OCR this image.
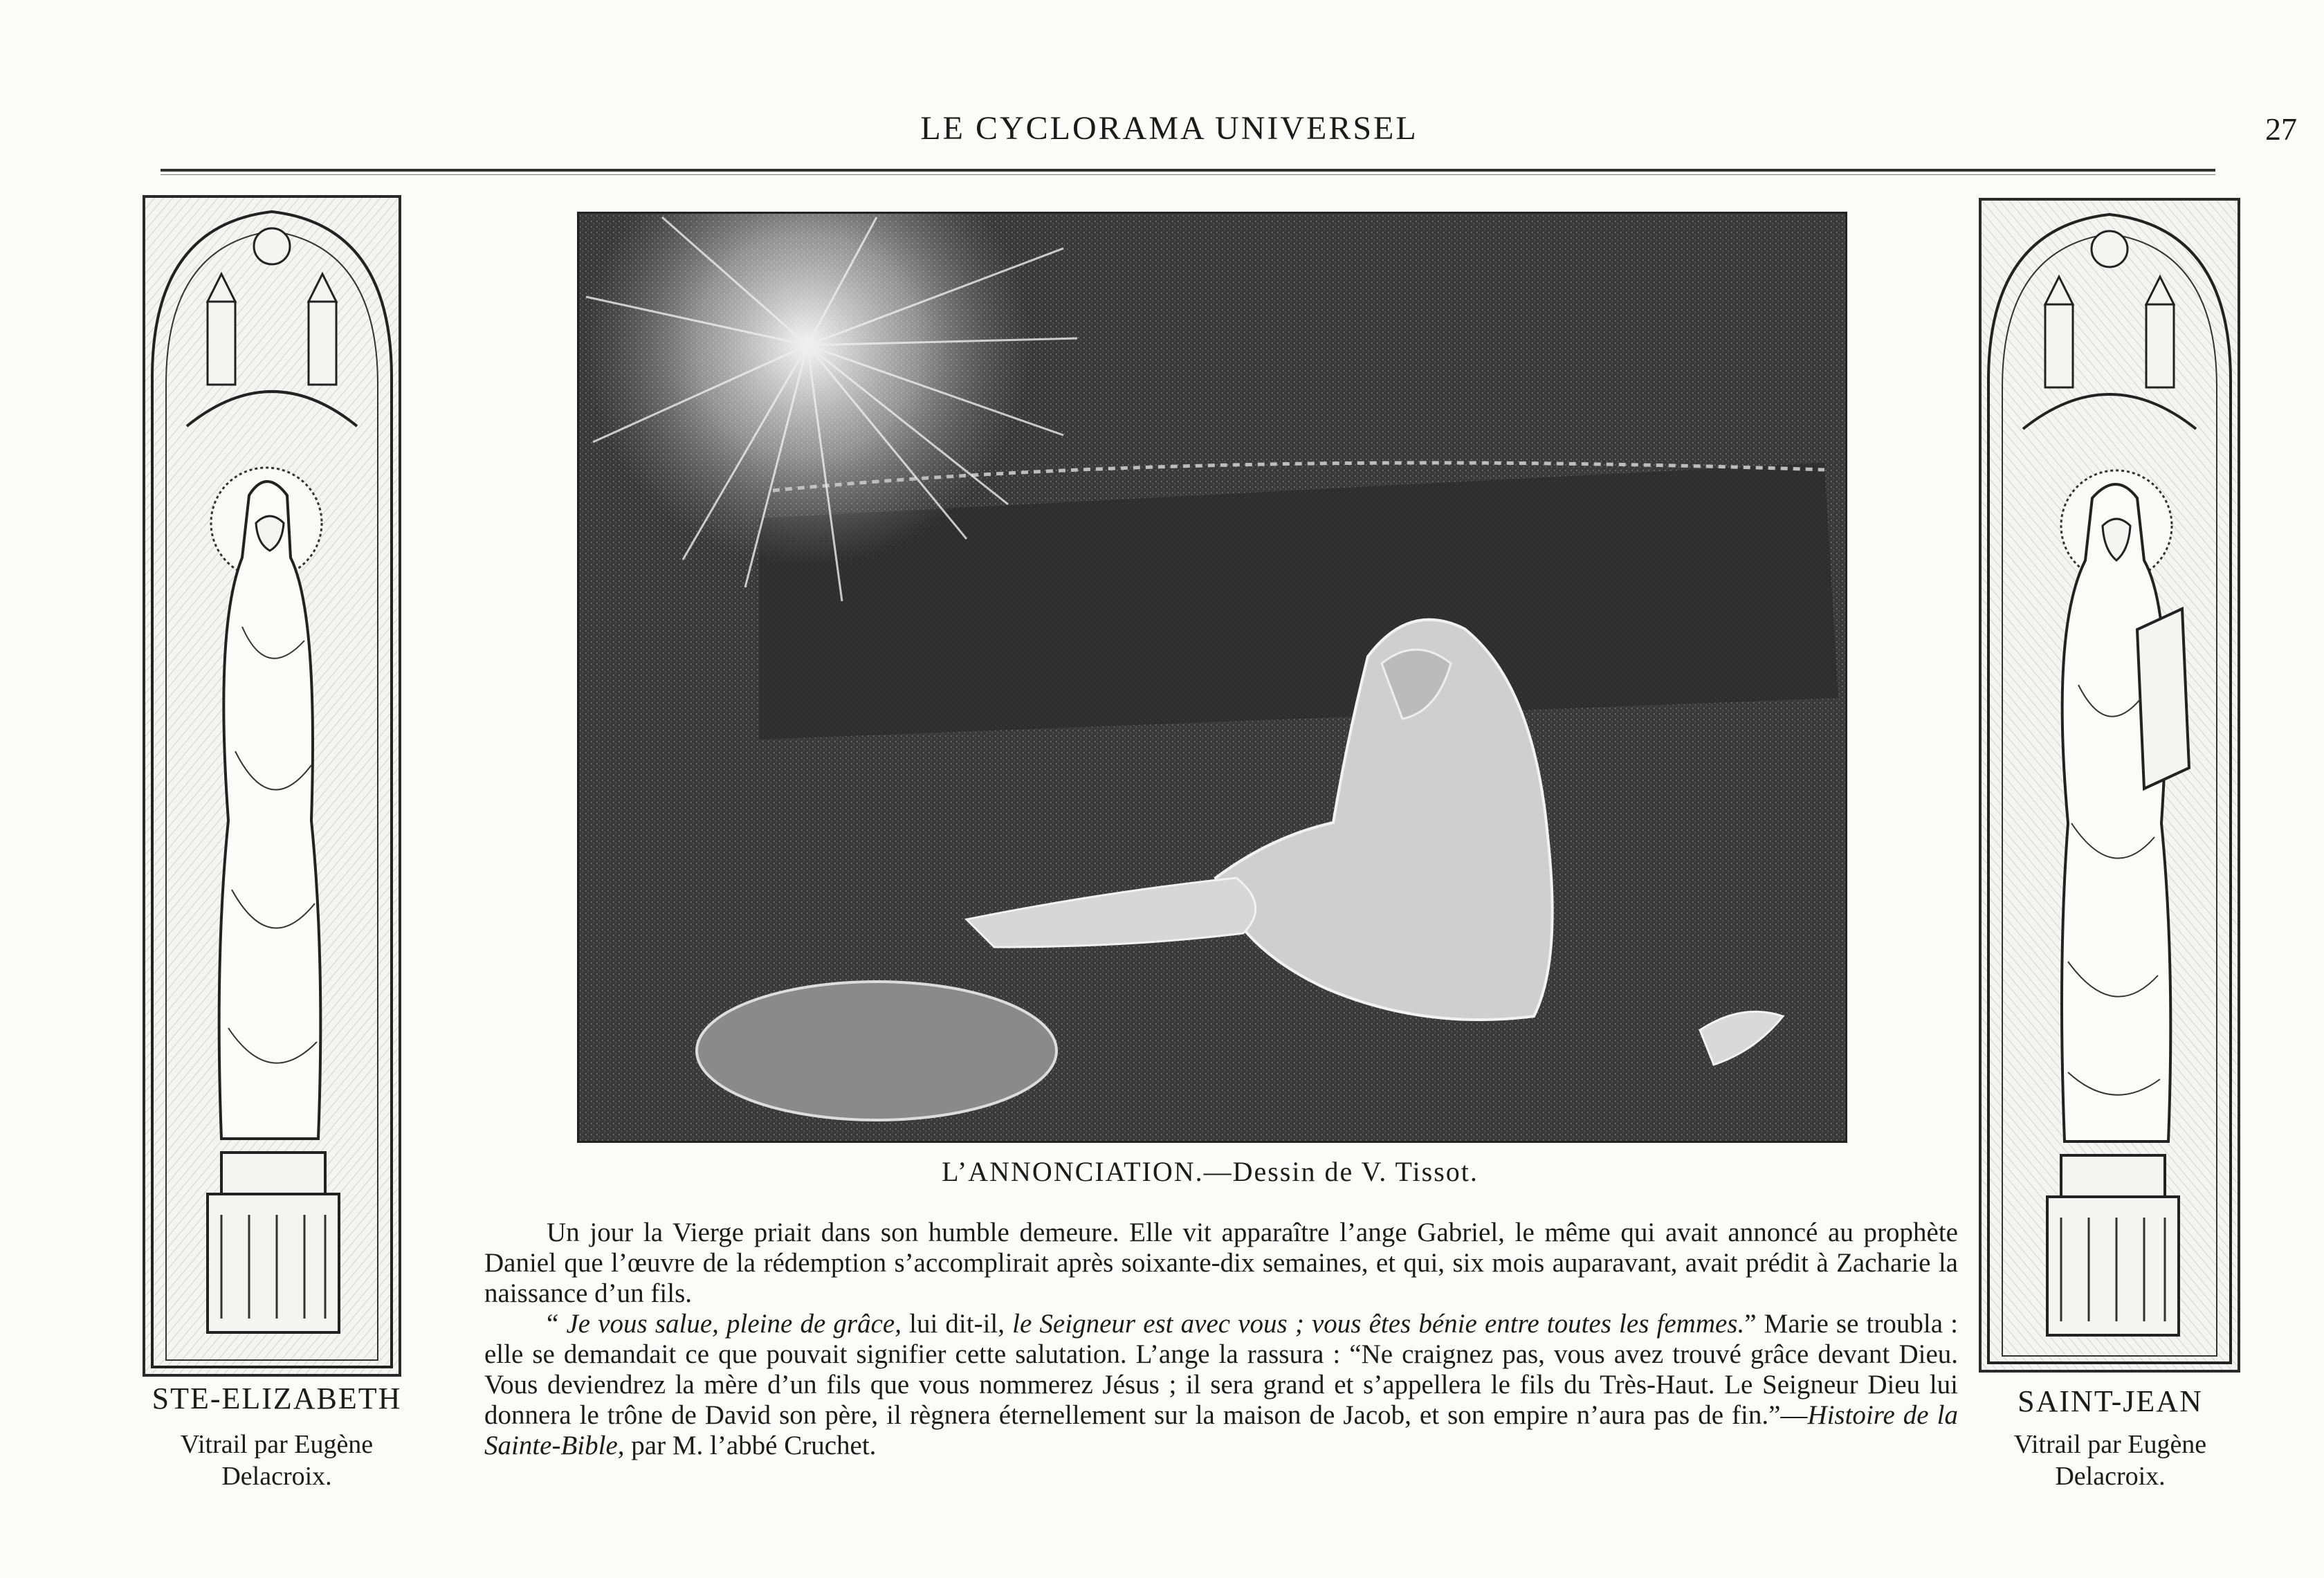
LE CYCLORAMA UNIVERSEL	27
L’ANNONCIATION.—Dessin de V. Tissot.
STE-ELIZABETH
Vitrail par Eugène
Delacroix.
SAINT-JEAN
Vitrail par Eugène
Delacroix.

Un jour la Vierge priait dans son humble demeure. Elle vit apparaître l’ange Gabriel, le même qui avait annoncé au prophète Daniel que l’œuvre de la rédemption s’accomplirait après soixante-dix semaines, et qui, six mois auparavant, avait prédit à Zacharie la naissance d’un fils.

“ Je vous salue, pleine de grâce, lui dit-il, le Seigneur est avec vous ; vous êtes bénie entre toutes les femmes.” Marie se troubla : elle se demandait ce que pouvait signifier cette salutation. L’ange la rassura : “Ne craignez pas, vous avez trouvé grâce devant Dieu. Vous deviendrez la mère d’un fils que vous nommerez Jésus ; il sera grand et s’appellera le fils du Très-Haut. Le Seigneur Dieu lui donnera le trône de David son père, il règnera éternellement sur la maison de Jacob, et son empire n’aura pas de fin.”—Histoire de la Sainte-Bible, par M. l’abbé Cruchet.
